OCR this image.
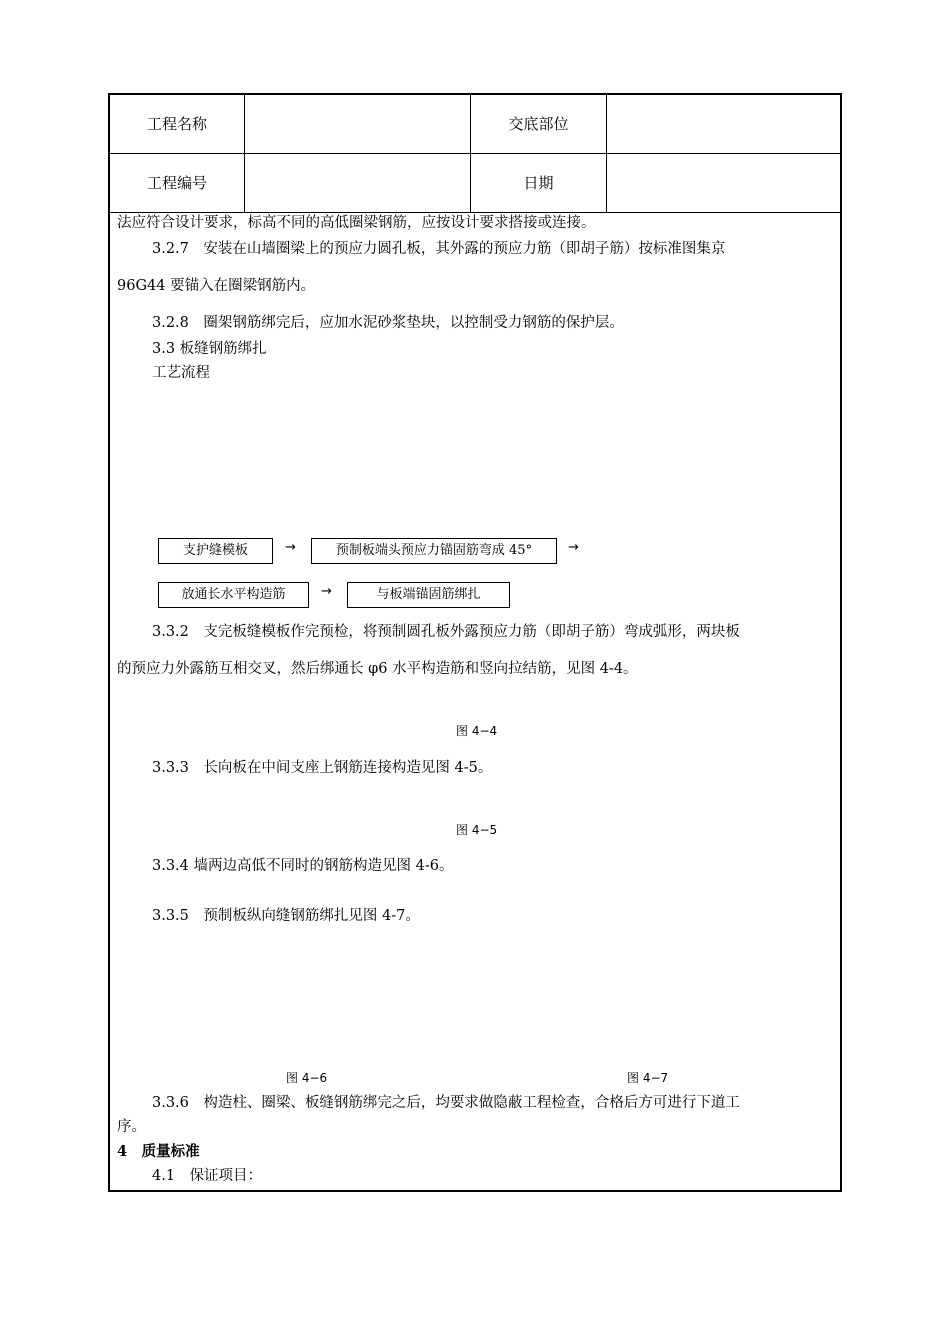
工程名称	交底部位
工程编号	日期
法应符合设计要求，标高不同的高低圈梁钢筋，应按设计要求搭接或连接。
3.2.7　安装在山墙圈梁上的预应力圆孔板，其外露的预应力筋（即胡子筋）按标准图集京
96G44 要锚入在圈梁钢筋内。
3.2.8　圈架钢筋绑完后，应加水泥砂浆垫块，以控制受力钢筋的保护层。
3.3 板缝钢筋绑扎
工艺流程
支护缝模板	→	预制板端头预应力锚固筋弯成 45°	→
放通长水平构造筋	→	与板端锚固筋绑扎
3.3.2　支完板缝模板作完预检，将预制圆孔板外露预应力筋（即胡子筋）弯成弧形，两块板
的预应力外露筋互相交叉，然后绑通长 φ6 水平构造筋和竖向拉结筋，见图 4-4。
图 4−4
3.3.3　长向板在中间支座上钢筋连接构造见图 4-5。
图 4−5
3.3.4 墙两边高低不同时的钢筋构造见图 4-6。
3.3.5　预制板纵向缝钢筋绑扎见图 4-7。
图 4−6	图 4−7
3.3.6　构造柱、圈梁、板缝钢筋绑完之后，均要求做隐蔽工程检查，合格后方可进行下道工
序。
4　质量标准
4.1　保证项目：
